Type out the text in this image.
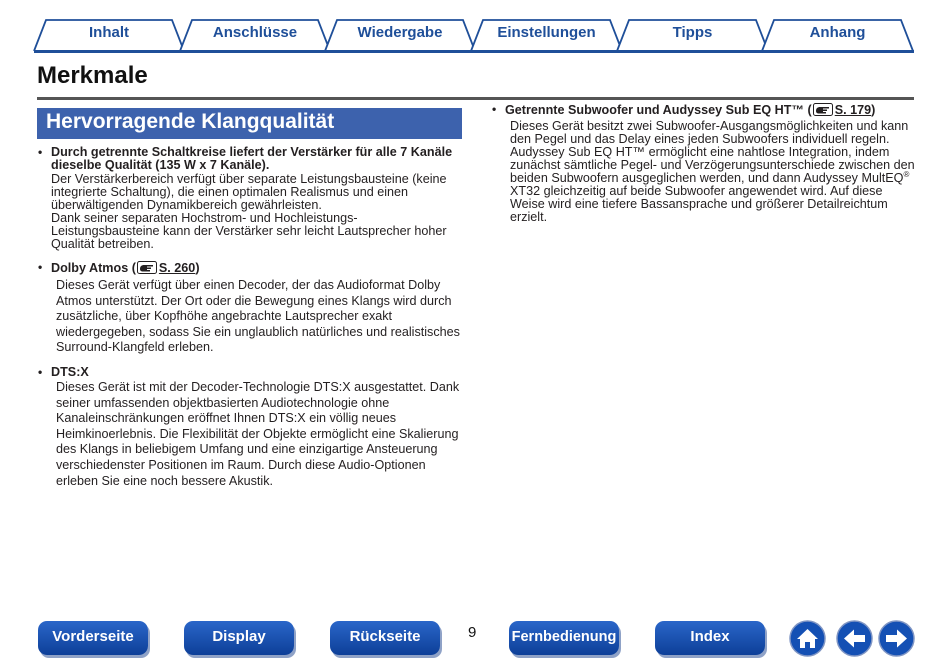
Inhalt	Anschlüsse	Wiedergabe	Einstellungen	Tipps	Anhang
Merkmale
Hervorragende Klangqualität
• Durch getrennte Schaltkreise liefert der Verstärker für alle 7 Kanäle dieselbe Qualität (135 W x 7 Kanäle).

Der Verstärkerbereich verfügt über separate Leistungsbausteine (keine integrierte Schaltung), die einen optimalen Realismus und einen überwältigenden Dynamikbereich gewährleisten.

Dank seiner separaten Hochstrom- und Hochleistungs-Leistungsbausteine kann der Verstärker sehr leicht Lautsprecher hoher Qualität betreiben.

• Dolby Atmos ( S. 260)

Dieses Gerät verfügt über einen Decoder, der das Audioformat Dolby Atmos unterstützt. Der Ort oder die Bewegung eines Klangs wird durch zusätzliche, über Kopfhöhe angebrachte Lautsprecher exakt wiedergegeben, sodass Sie ein unglaublich natürliches und realistisches Surround-Klangfeld erleben.

• DTS:X

Dieses Gerät ist mit der Decoder-Technologie DTS:X ausgestattet. Dank seiner umfassenden objektbasierten Audiotechnologie ohne Kanaleinschränkungen eröffnet Ihnen DTS:X ein völlig neues Heimkinoerlebnis. Die Flexibilität der Objekte ermöglicht eine Skalierung des Klangs in beliebigem Umfang und eine einzigartige Ansteuerung verschiedenster Positionen im Raum. Durch diese Audio-Optionen erleben Sie eine noch bessere Akustik.

• Getrennte Subwoofer und Audyssey Sub EQ HT™ ( S. 179)

Dieses Gerät besitzt zwei Subwoofer-Ausgangsmöglichkeiten und kann den Pegel und das Delay eines jeden Subwoofers individuell regeln.

Audyssey Sub EQ HT™ ermöglicht eine nahtlose Integration, indem zunächst sämtliche Pegel- und Verzögerungsunterschiede zwischen den beiden Subwoofern ausgeglichen werden, und dann Audyssey MultEQ® XT32 gleichzeitig auf beide Subwoofer angewendet wird. Auf diese Weise wird eine tiefere Bassansprache und größerer Detailreichtum erzielt.

Vorderseite	Display	Rückseite	9 Fernbedienung	Index
